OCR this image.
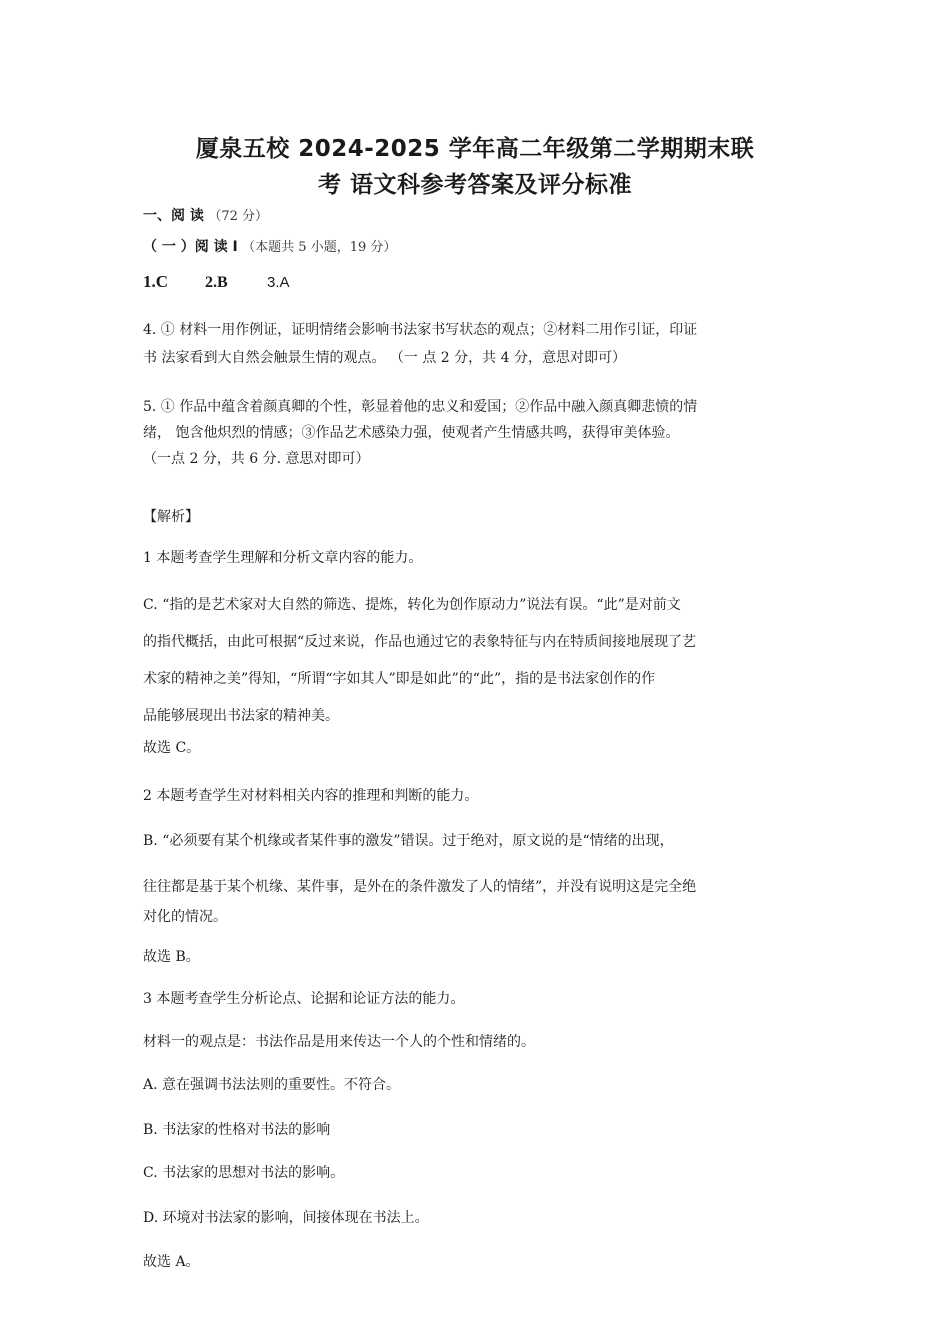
厦泉五校 2024-2025 学年高二年级第二学期期末联
考 语文科参考答案及评分标准
一、阅 读 （72 分）
（ 一 ）阅 读 I （本题共 5 小题，19 分）
1.C 2.B	3.A

4. ① 材料一用作例证，证明情绪会影响书法家书写状态的观点；②材料二用作引证，印证

书 法家看到大自然会触景生情的观点。 （一 点 2 分，共 4 分，意思对即可）

5. ① 作品中蕴含着颜真卿的个性，彰显着他的忠义和爱国；②作品中融入颜真卿悲愤的情

绪， 饱含他炽烈的情感；③作品艺术感染力强，使观者产生情感共鸣，获得审美体验。

（一点 2 分，共 6 分. 意思对即可）

【解析】
1 本题考查学生理解和分析文章内容的能力。

C. “指的是艺术家对大自然的筛选、提炼，转化为创作原动力”说法有误。“此”是对前文

的指代概括，由此可根据“反过来说，作品也通过它的表象特征与内在特质间接地展现了艺

术家的精神之美”得知，“所谓“字如其人”即是如此”的“此”，指的是书法家创作的作

品能够展现出书法家的精神美。

故选 C。
2 本题考查学生对材料相关内容的推理和判断的能力。
B. “必须要有某个机缘或者某件事的激发”错误。过于绝对，原文说的是“情绪的出现，
往往都是基于某个机缘、某件事，是外在的条件激发了人的情绪”，并没有说明这是完全绝
对化的情况。
故选 B。
3 本题考查学生分析论点、论据和论证方法的能力。
材料一的观点是：书法作品是用来传达一个人的个性和情绪的。
A. 意在强调书法法则的重要性。不符合。
B. 书法家的性格对书法的影响
C. 书法家的思想对书法的影响。
D. 环境对书法家的影响，间接体现在书法上。
故选 A。
